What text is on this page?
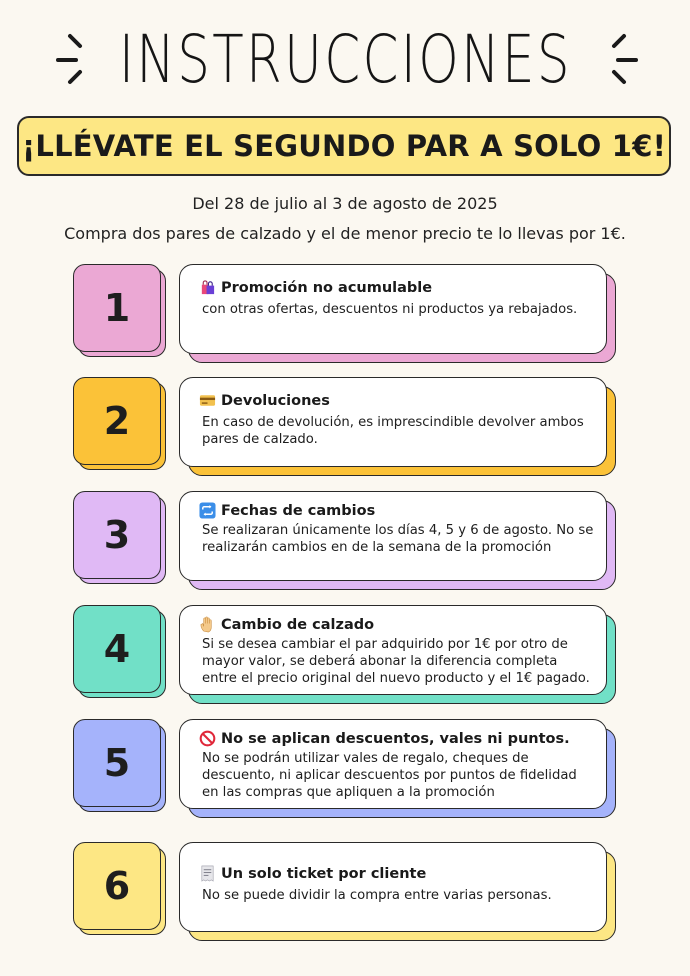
INSTRUCCIONES
¡LLÉVATE EL SEGUNDO PAR A SOLO 1€!
Del 28 de julio al 3 de agosto de 2025
Compra dos pares de calzado y el de menor precio te lo llevas por 1€.
1	Promoción no acumulable
con otras ofertas, descuentos ni productos ya rebajados.
2	Devoluciones
En caso de devolución, es imprescindible devolver ambos pares de calzado.
3
Fechas de cambios
Se realizaran únicamente los días 4, 5 y 6 de agosto. No se realizarán cambios en de la semana de la promoción
4
Cambio de calzado
Si se desea cambiar el par adquirido por 1€ por otro de mayor valor, se deberá abonar la diferencia completa entre el precio original del nuevo producto y el 1€ pagado.
5
No se aplican descuentos, vales ni puntos.
No se podrán utilizar vales de regalo, cheques de descuento, ni aplicar descuentos por puntos de fidelidad en las compras que apliquen a la promoción
6	Un solo ticket por cliente
No se puede dividir la compra entre varias personas.
